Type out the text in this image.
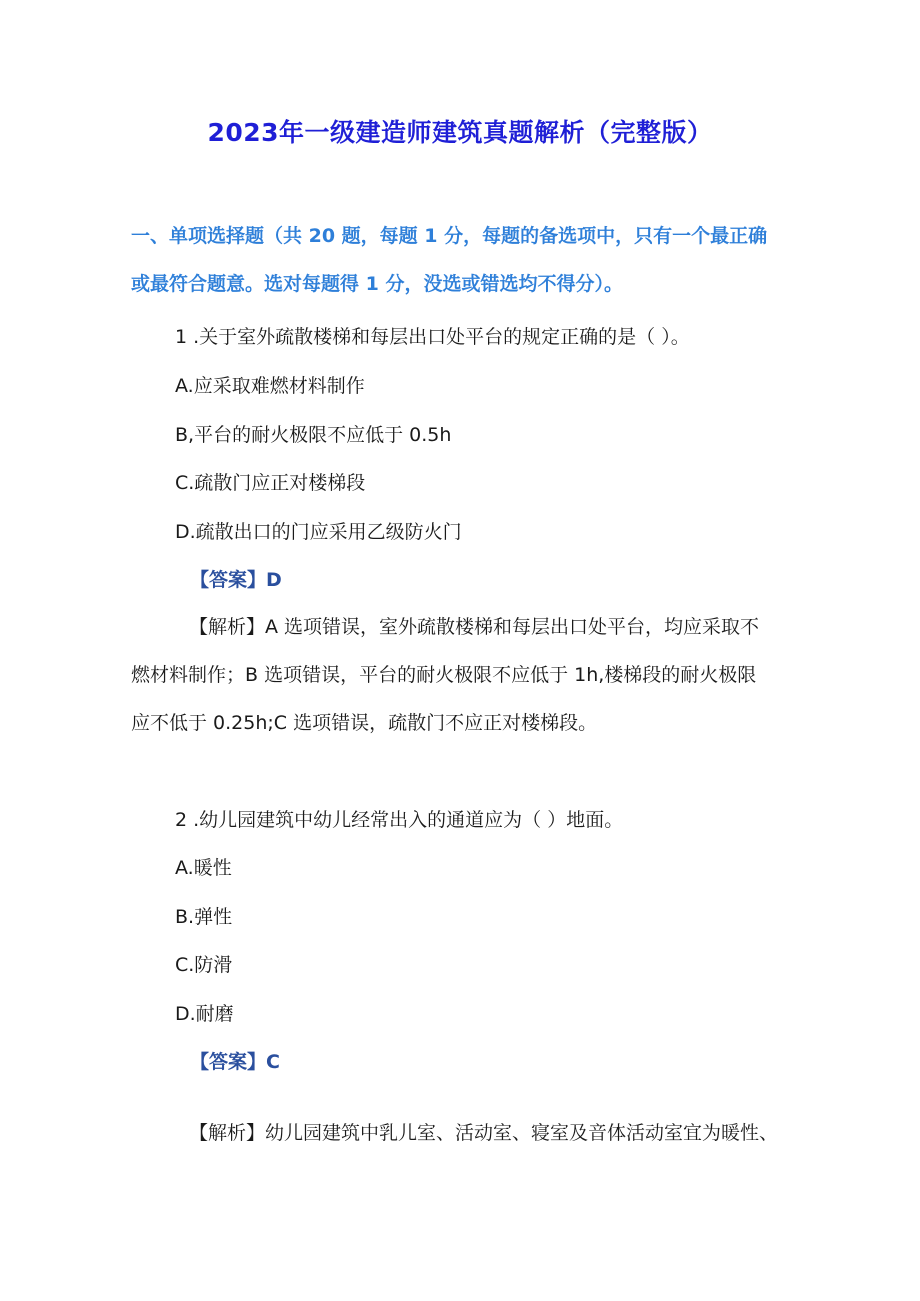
2023年一级建造师建筑真题解析（完整版）
一、单项选择题（共 20 题，每题 1 分，每题的备选项中，只有一个最正确
或最符合题意。选对每题得 1 分，没选或错选均不得分）。
1 .关于室外疏散楼梯和每层出口处平台的规定正确的是（ ）。
A.应采取难燃材料制作
B,平台的耐火极限不应低于 0.5h
C.疏散门应正对楼梯段
D.疏散出口的门应采用乙级防火门
【答案】D

【解析】A 选项错误，室外疏散楼梯和每层出口处平台，均应采取不

燃材料制作；B 选项错误，平台的耐火极限不应低于 1h,楼梯段的耐火极限

应不低于 0.25h;C 选项错误，疏散门不应正对楼梯段。

2 .幼儿园建筑中幼儿经常出入的通道应为（ ）地面。
A.暖性
B.弹性
C.防滑
D.耐磨
【答案】C

【解析】幼儿园建筑中乳儿室、活动室、寝室及音体活动室宜为暖性、
